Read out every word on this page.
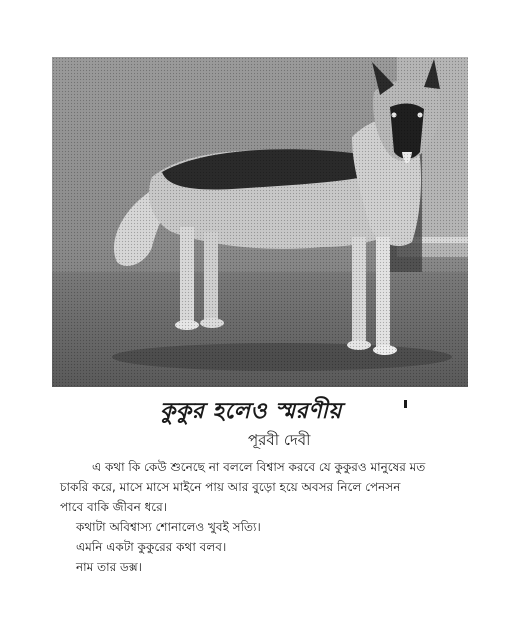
কুকুর হলেও স্মরণীয়
পূরবী দেবী

এ কথা কি কেউ শুনেছে না বললে বিশ্বাস করবে যে কুকুরও মানুষের মত

চাকরি করে, মাসে মাসে মাইনে পায় আর বুড়ো হয়ে অবসর নিলে পেনসন

পাবে বাকি জীবন ধরে।

কথাটা অবিশ্বাস্য শোনালেও খুবই সত্যি।

এমনি একটা কুকুরের কথা বলব।

নাম তার ডক্স।
